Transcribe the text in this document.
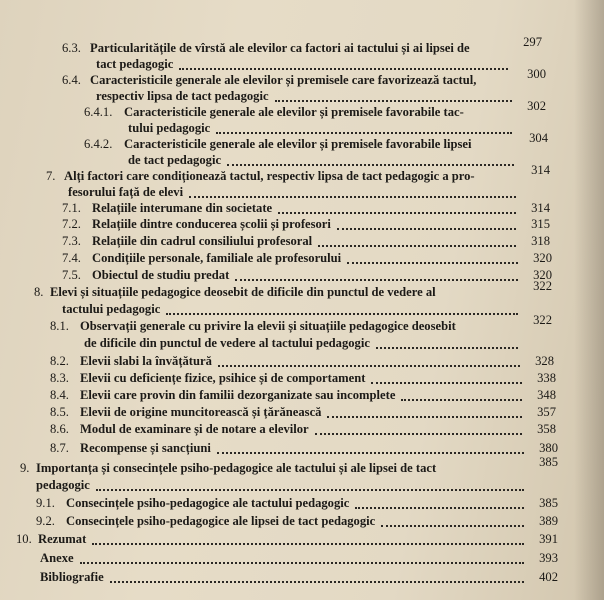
6.3. Particularitățile de vîrstă ale elevilor ca factori ai tactului și ai lipsei de
tact pedagogic
297
6.4. Caracteristicile generale ale elevilor și premisele care favorizează tactul,
respectiv lipsa de tact pedagogic
300
6.4.1. Caracteristicile generale ale elevilor și premisele favorabile tac-
tului pedagogic
302
6.4.2. Caracteristicile generale ale elevilor și premisele favorabile lipsei
de tact pedagogic
304
7. Alți factori care condiționează tactul, respectiv lipsa de tact pedagogic a pro-
fesorului față de elevi
314
7.1. Relațiile interumane din societate	314
7.2. Relațiile dintre conducerea școlii și profesori	315
7.3. Relațiile din cadrul consiliului profesoral	318
7.4. Condițiile personale, familiale ale profesorului	320
7.5. Obiectul de studiu predat	320
8. Elevi și situațiile pedagogice deosebit de dificile din punctul de vedere al
tactului pedagogic
322
8.1. Observații generale cu privire la elevii și situațiile pedagogice deosebit
de dificile din punctul de vedere al tactului pedagogic
322
8.2. Elevii slabi la învățătură	328
8.3. Elevii cu deficiențe fizice, psihice și de comportament	338
8.4. Elevii care provin din familii dezorganizate sau incomplete	348
8.5. Elevii de origine muncitorească și țărănească	357
8.6. Modul de examinare și de notare a elevilor	358
8.7. Recompense și sancțiuni	380
9. Importanța și consecințele psiho-pedagogice ale tactului și ale lipsei de tact
pedagogic
385
9.1. Consecințele psiho-pedagogice ale tactului pedagogic	385
9.2. Consecințele psiho-pedagogice ale lipsei de tact pedagogic	389
10. Rezumat	391
Anexe	393
Bibliografie	402
